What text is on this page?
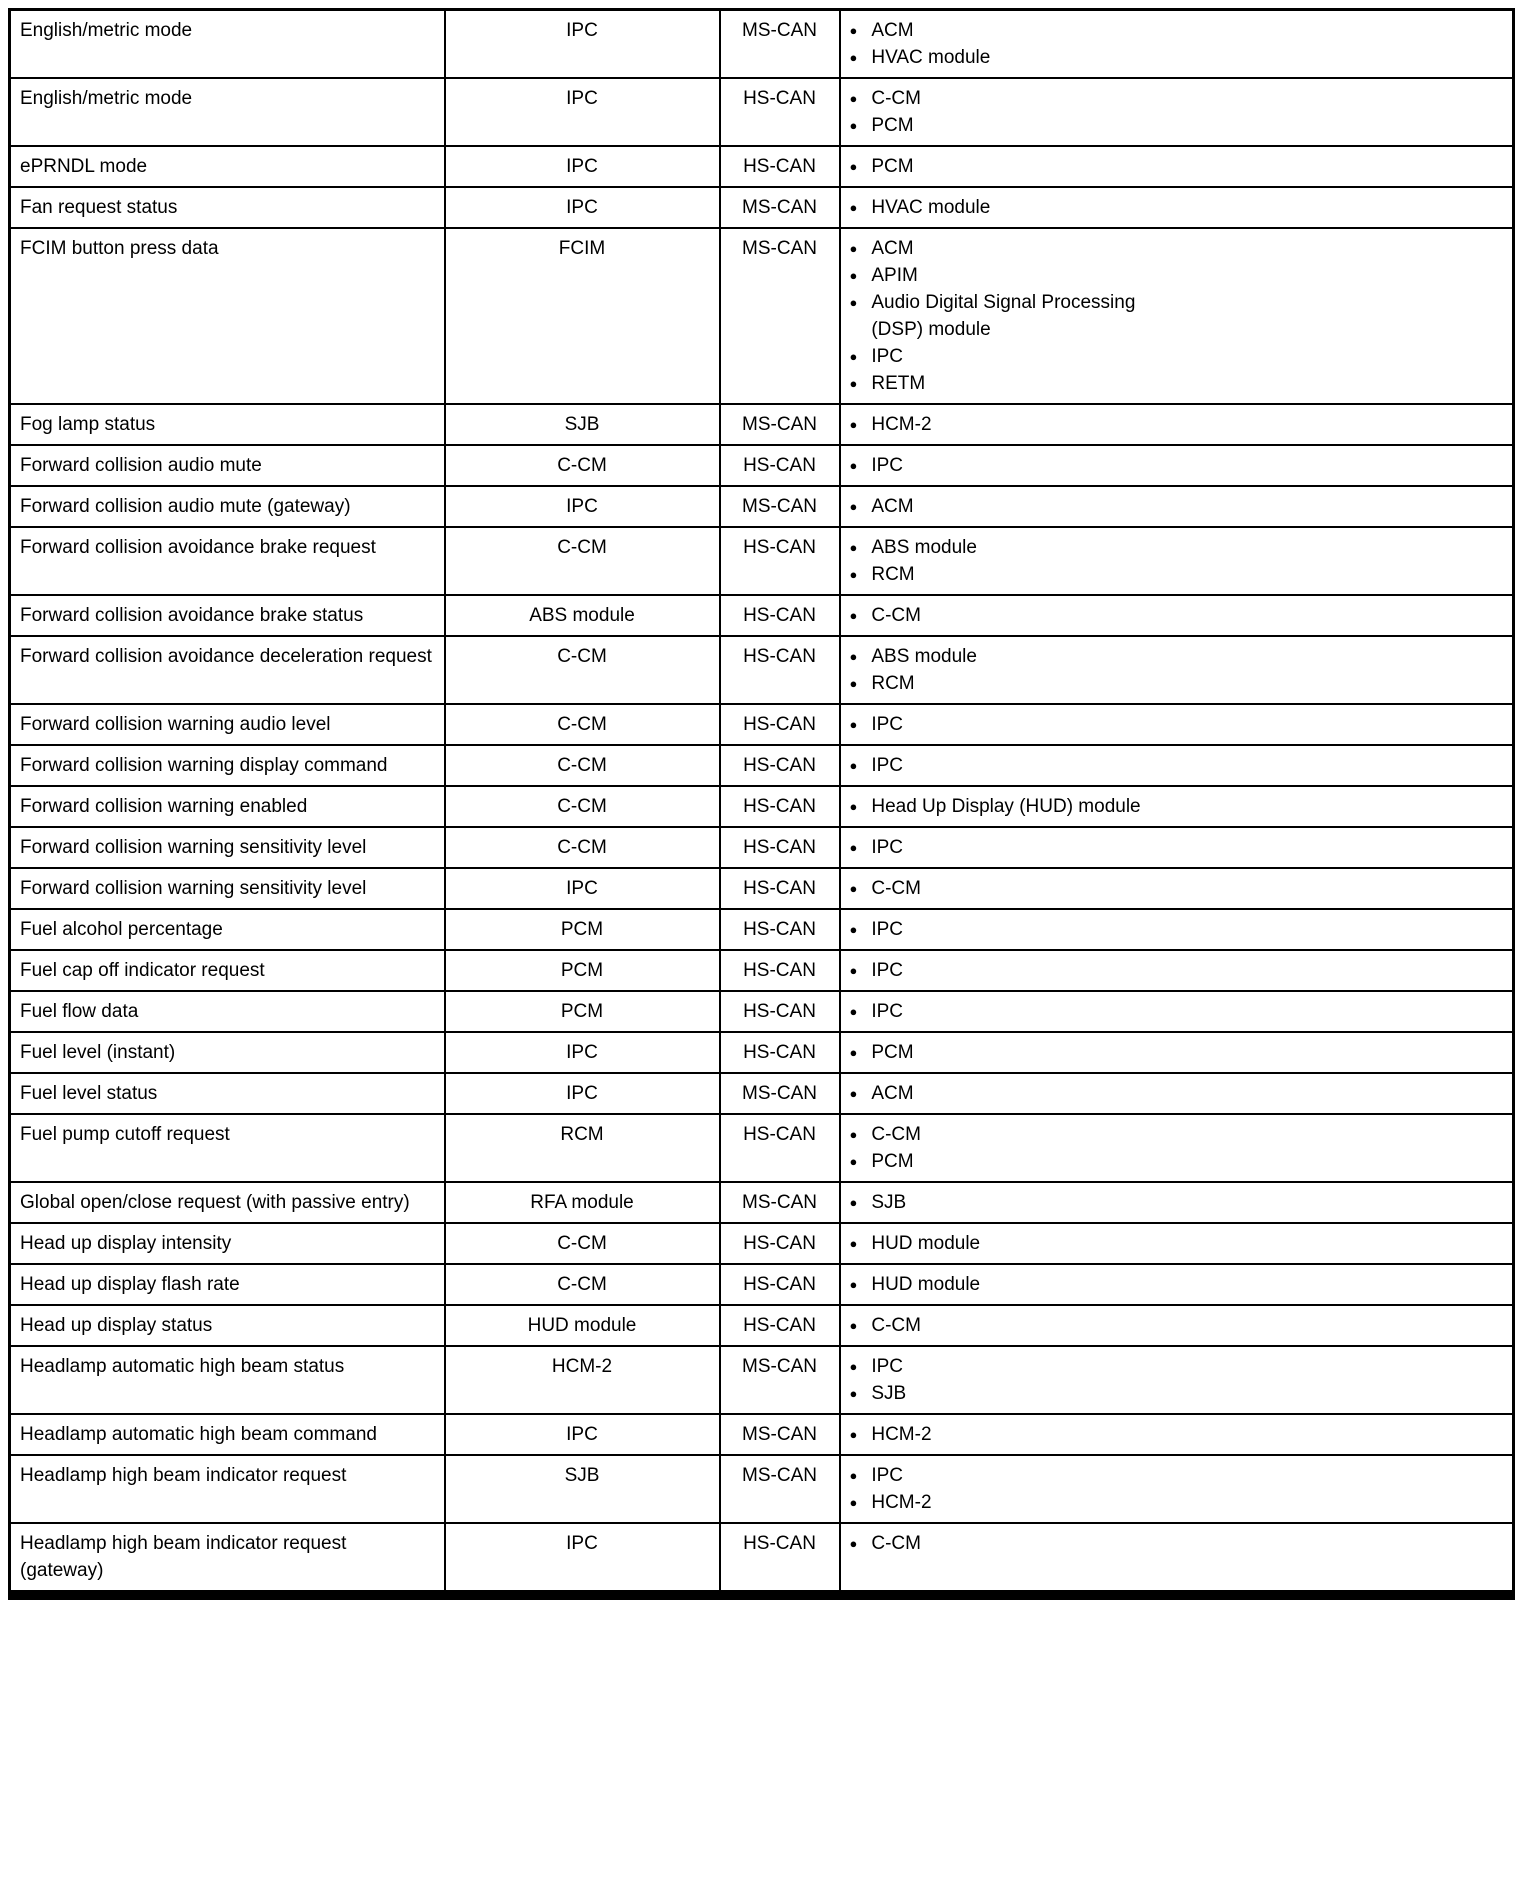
English/metric mode	IPC	MS-CAN	● ACM
● HVAC module

English/metric mode	IPC	HS-CAN	● C-CM
● PCM

ePRNDL mode	IPC	HS-CAN	● PCM

Fan request status	IPC	MS-CAN	● HVAC module

FCIM button press data	FCIM	MS-CAN	● ACM
● APIM
● Audio Digital Signal Processing (DSP) module
● IPC
● RETM

Fog lamp status	SJB	MS-CAN	● HCM-2

Forward collision audio mute	C-CM	HS-CAN	● IPC

Forward collision audio mute (gateway)	IPC	MS-CAN	● ACM

Forward collision avoidance brake request	C-CM	HS-CAN	● ABS module
● RCM

Forward collision avoidance brake status	ABS module	HS-CAN	● C-CM

Forward collision avoidance deceleration request	C-CM	HS-CAN	● ABS module
● RCM

Forward collision warning audio level	C-CM	HS-CAN	● IPC

Forward collision warning display command	C-CM	HS-CAN	● IPC

Forward collision warning enabled	C-CM	HS-CAN	● Head Up Display (HUD) module

Forward collision warning sensitivity level	C-CM	HS-CAN	● IPC

Forward collision warning sensitivity level	IPC	HS-CAN	● C-CM

Fuel alcohol percentage	PCM	HS-CAN	● IPC

Fuel cap off indicator request	PCM	HS-CAN	● IPC

Fuel flow data	PCM	HS-CAN	● IPC

Fuel level (instant)	IPC	HS-CAN	● PCM

Fuel level status	IPC	MS-CAN	● ACM

Fuel pump cutoff request	RCM	HS-CAN	● C-CM
● PCM

Global open/close request (with passive entry)	RFA module	MS-CAN	● SJB

Head up display intensity	C-CM	HS-CAN	● HUD module

Head up display flash rate	C-CM	HS-CAN	● HUD module

Head up display status	HUD module	HS-CAN	● C-CM

Headlamp automatic high beam status	HCM-2	MS-CAN	● IPC
● SJB

Headlamp automatic high beam command	IPC	MS-CAN	● HCM-2

Headlamp high beam indicator request	SJB	MS-CAN	● IPC
● HCM-2

Headlamp high beam indicator request (gateway)	IPC	HS-CAN	● C-CM
